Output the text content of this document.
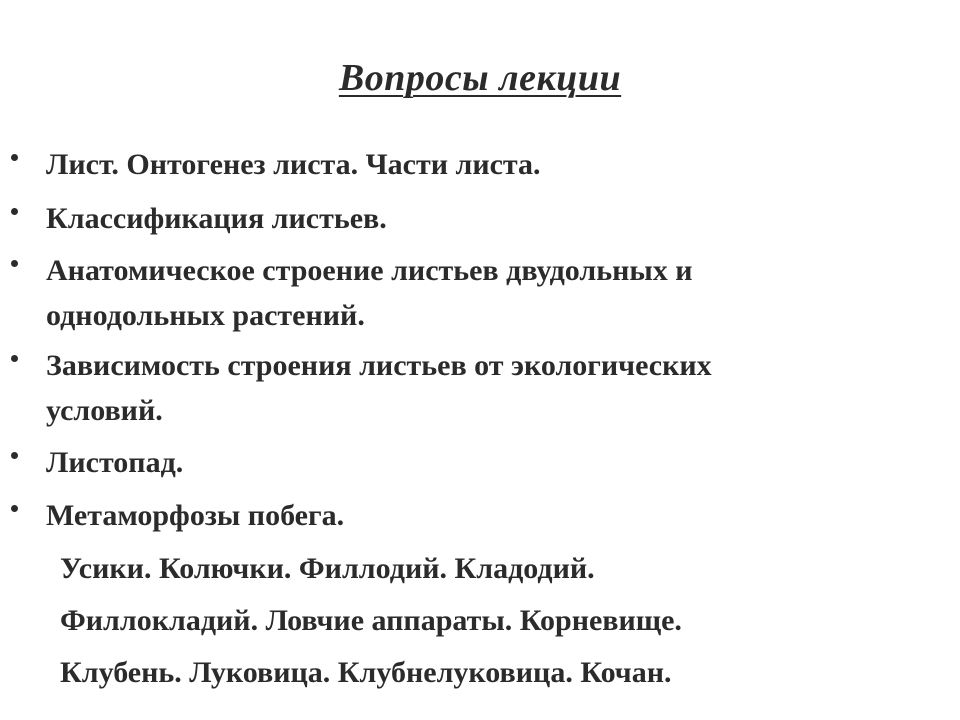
Вопросы лекции
Лист. Онтогенез листа. Части листа.
Классификация листьев.
Анатомическое строение листьев двудольных и
однодольных растений.
Зависимость строения листьев от экологических
условий.
Листопад.
Метаморфозы побега.
Усики. Колючки. Филлодий. Кладодий.
Филлокладий. Ловчие аппараты. Корневище.
Клубень. Луковица. Клубнелуковица. Кочан.
